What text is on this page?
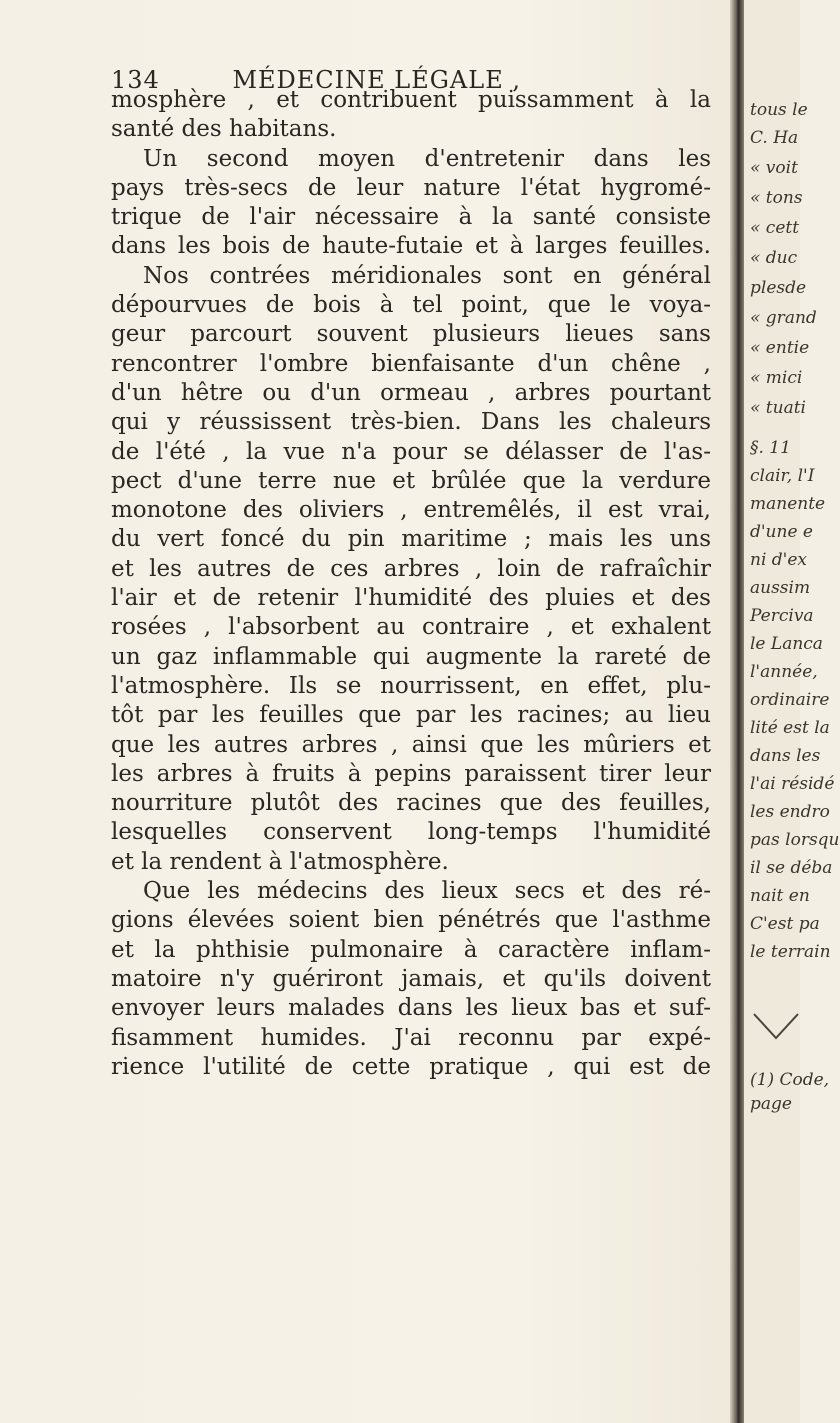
134	MÉDECINE LÉGALE ,
mosphère , et contribuent puissamment à la
santé des habitans.
Un second moyen d'entretenir dans les
pays très-secs de leur nature l'état hygromé-
trique de l'air nécessaire à la santé consiste
dans les bois de haute-futaie et à larges feuilles.
Nos contrées méridionales sont en général
dépourvues de bois à tel point, que le voya-
geur parcourt souvent plusieurs lieues sans
rencontrer l'ombre bienfaisante d'un chêne ,
d'un hêtre ou d'un ormeau , arbres pourtant
qui y réussissent très-bien. Dans les chaleurs
de l'été , la vue n'a pour se délasser de l'as-
pect d'une terre nue et brûlée que la verdure
monotone des oliviers , entremêlés, il est vrai,
du vert foncé du pin maritime ; mais les uns
et les autres de ces arbres , loin de rafraîchir
l'air et de retenir l'humidité des pluies et des
rosées , l'absorbent au contraire , et exhalent
un gaz inflammable qui augmente la rareté de
l'atmosphère. Ils se nourrissent, en effet, plu-
tôt par les feuilles que par les racines; au lieu
que les autres arbres , ainsi que les mûriers et
les arbres à fruits à pepins paraissent tirer leur
nourriture plutôt des racines que des feuilles,
lesquelles conservent long-temps l'humidité
et la rendent à l'atmosphère.
Que les médecins des lieux secs et des ré-
gions élevées soient bien pénétrés que l'asthme
et la phthisie pulmonaire à caractère inflam-
matoire n'y guériront jamais, et qu'ils doivent
envoyer leurs malades dans les lieux bas et suf-
fisamment humides. J'ai reconnu par expé-
rience l'utilité de cette pratique , qui est de
tous le
C. Ha
« voit
« tons
« cett
« duc
plesde
« grand
« entie
« mici
« tuati
§. 11
clair, l'I
manente
d'une e
ni d'ex
aussim
Perciva
le Lanca
l'année,
ordinaire
lité est la
dans les
l'ai résidé
les endro
pas lorsqu
il se déba
nait en
C'est pa
le terrain
(1) Code,
page
